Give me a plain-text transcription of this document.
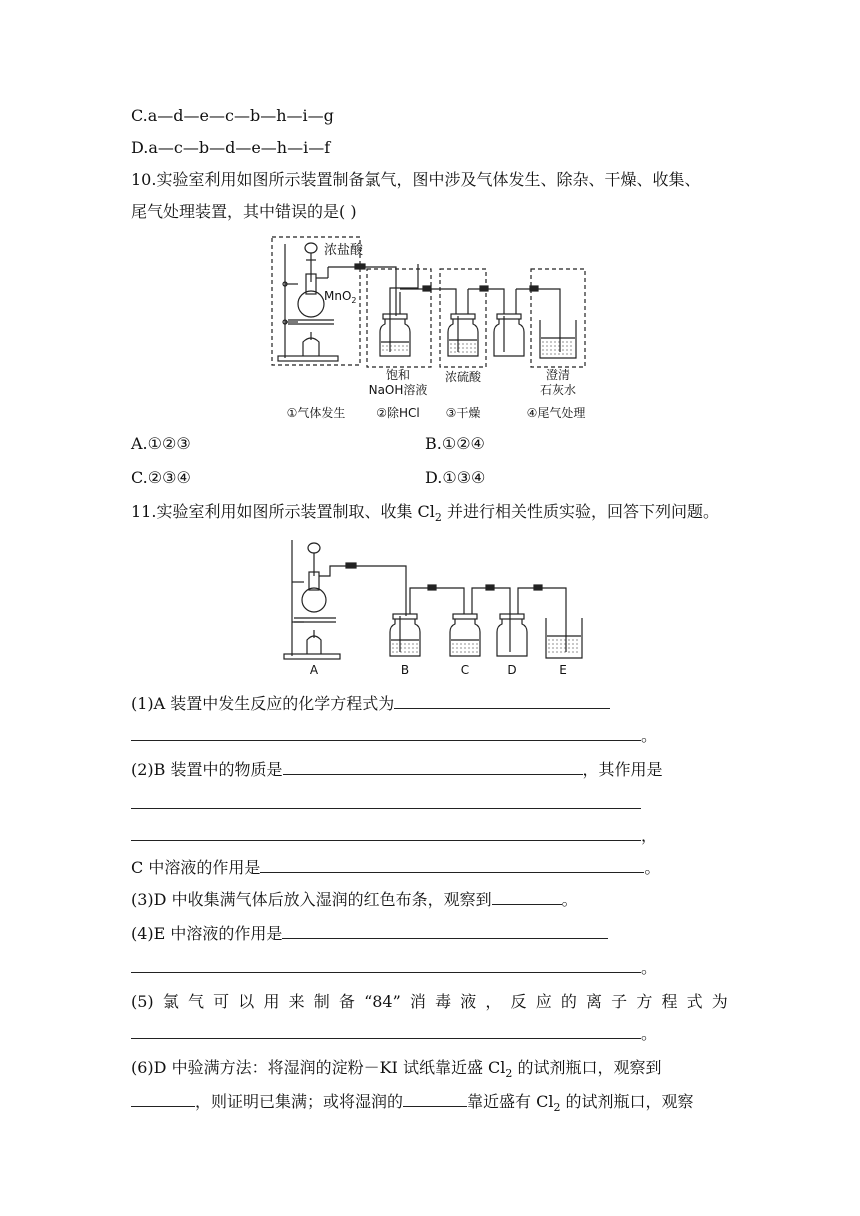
C.a—d—e—c—b—h—i—g
D.a—c—b—d—e—h—i—f
10.实验室利用如图所示装置制备氯气，图中涉及气体发生、除杂、干燥、收集、
尾气处理装置，其中错误的是( )
浓盐酸
MnO$_2$
饱和
NaOH溶液
浓硫酸	澄清
石灰水
①气体发生	②除HCl ③干燥	④尾气处理
A.①②③	B.①②④
C.②③④	D.①③④
11.实验室利用如图所示装置制取、收集 $Cl_2$ 并进行相关性质实验，回答下列问题。
A	B	C	D	E
(1)A 装置中发生反应的化学方程式为
。
(2)B 装置中的物质是	，其作用是
，
C 中溶液的作用是	。
(3)D 中收集满气体后放入湿润的红色布条，观察到	。
(4)E 中溶液的作用是
。
(5) 氯 气 可 以 用 来 制 备 “84” 消 毒 液 ， 反 应 的 离 子 方 程 式 为
。
(6)D 中验满方法：将湿润的淀粉－KI 试纸靠近盛 $Cl_2$ 的试剂瓶口，观察到
，则证明已集满；或将湿润的	靠近盛有 $Cl_2$ 的试剂瓶口，观察
